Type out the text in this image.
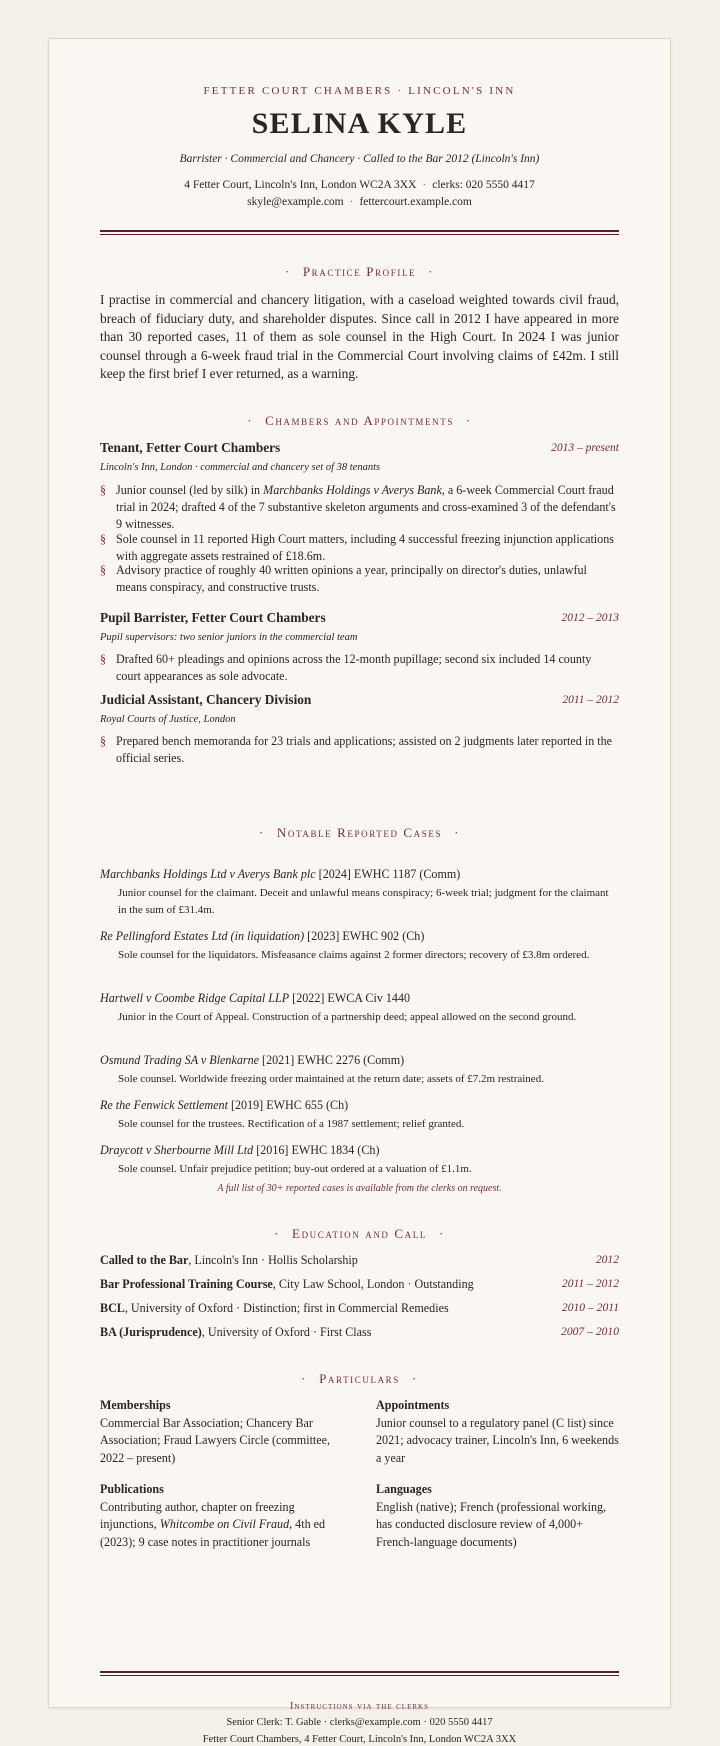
FETTER COURT CHAMBERS · LINCOLN'S INN
SELINA KYLE
Barrister · Commercial and Chancery · Called to the Bar 2012 (Lincoln's Inn)
4 Fetter Court, Lincoln's Inn, London WC2A 3XX · clerks: 020 5550 4417
skyle@example.com · fettercourt.example.com
· Practice Profile ·
I practise in commercial and chancery litigation, with a caseload weighted towards civil fraud, breach of fiduciary duty, and shareholder disputes. Since call in 2012 I have appeared in more than 30 reported cases, 11 of them as sole counsel in the High Court. In 2024 I was junior counsel through a 6-week fraud trial in the Commercial Court involving claims of £42m. I still keep the first brief I ever returned, as a warning.
· Chambers and Appointments ·
Tenant, Fetter Court Chambers	2013 – present
Lincoln's Inn, London · commercial and chancery set of 38 tenants
§ Junior counsel (led by silk) in Marchbanks Holdings v Averys Bank, a 6-week Commercial Court fraud trial in 2024; drafted 4 of the 7 substantive skeleton arguments and cross-examined 3 of the defendant's 9 witnesses.
§ Sole counsel in 11 reported High Court matters, including 4 successful freezing injunction applications with aggregate assets restrained of £18.6m.
§ Advisory practice of roughly 40 written opinions a year, principally on director's duties, unlawful means conspiracy, and constructive trusts.
Pupil Barrister, Fetter Court Chambers	2012 – 2013
Pupil supervisors: two senior juniors in the commercial team
§ Drafted 60+ pleadings and opinions across the 12-month pupillage; second six included 14 county court appearances as sole advocate.
Judicial Assistant, Chancery Division	2011 – 2012
Royal Courts of Justice, London
§ Prepared bench memoranda for 23 trials and applications; assisted on 2 judgments later reported in the official series.
· Notable Reported Cases ·
Marchbanks Holdings Ltd v Averys Bank plc [2024] EWHC 1187 (Comm)
Junior counsel for the claimant. Deceit and unlawful means conspiracy; 6-week trial; judgment for the claimant in the sum of £31.4m.
Re Pellingford Estates Ltd (in liquidation) [2023] EWHC 902 (Ch)
Sole counsel for the liquidators. Misfeasance claims against 2 former directors; recovery of £3.8m ordered.
Hartwell v Coombe Ridge Capital LLP [2022] EWCA Civ 1440
Junior in the Court of Appeal. Construction of a partnership deed; appeal allowed on the second ground.
Osmund Trading SA v Blenkarne [2021] EWHC 2276 (Comm)
Sole counsel. Worldwide freezing order maintained at the return date; assets of £7.2m restrained.
Re the Fenwick Settlement [2019] EWHC 655 (Ch)
Sole counsel for the trustees. Rectification of a 1987 settlement; relief granted.
Draycott v Sherbourne Mill Ltd [2016] EWHC 1834 (Ch)
Sole counsel. Unfair prejudice petition; buy-out ordered at a valuation of £1.1m.
A full list of 30+ reported cases is available from the clerks on request.
· Education and Call ·
Called to the Bar, Lincoln's Inn · Hollis Scholarship	2012
Bar Professional Training Course, City Law School, London · Outstanding	2011 – 2012
BCL, University of Oxford · Distinction; first in Commercial Remedies	2010 – 2011
BA (Jurisprudence), University of Oxford · First Class	2007 – 2010
· Particulars ·
Memberships
Commercial Bar Association; Chancery Bar Association; Fraud Lawyers Circle (committee, 2022 – present)
Appointments
Junior counsel to a regulatory panel (C list) since 2021; advocacy trainer, Lincoln's Inn, 6 weekends a year
Publications
Contributing author, chapter on freezing injunctions, Whitcombe on Civil Fraud, 4th ed (2023); 9 case notes in practitioner journals
Languages
English (native); French (professional working, has conducted disclosure review of 4,000+ French-language documents)
Instructions via the clerks
Senior Clerk: T. Gable · clerks@example.com · 020 5550 4417
Fetter Court Chambers, 4 Fetter Court, Lincoln's Inn, London WC2A 3XX
